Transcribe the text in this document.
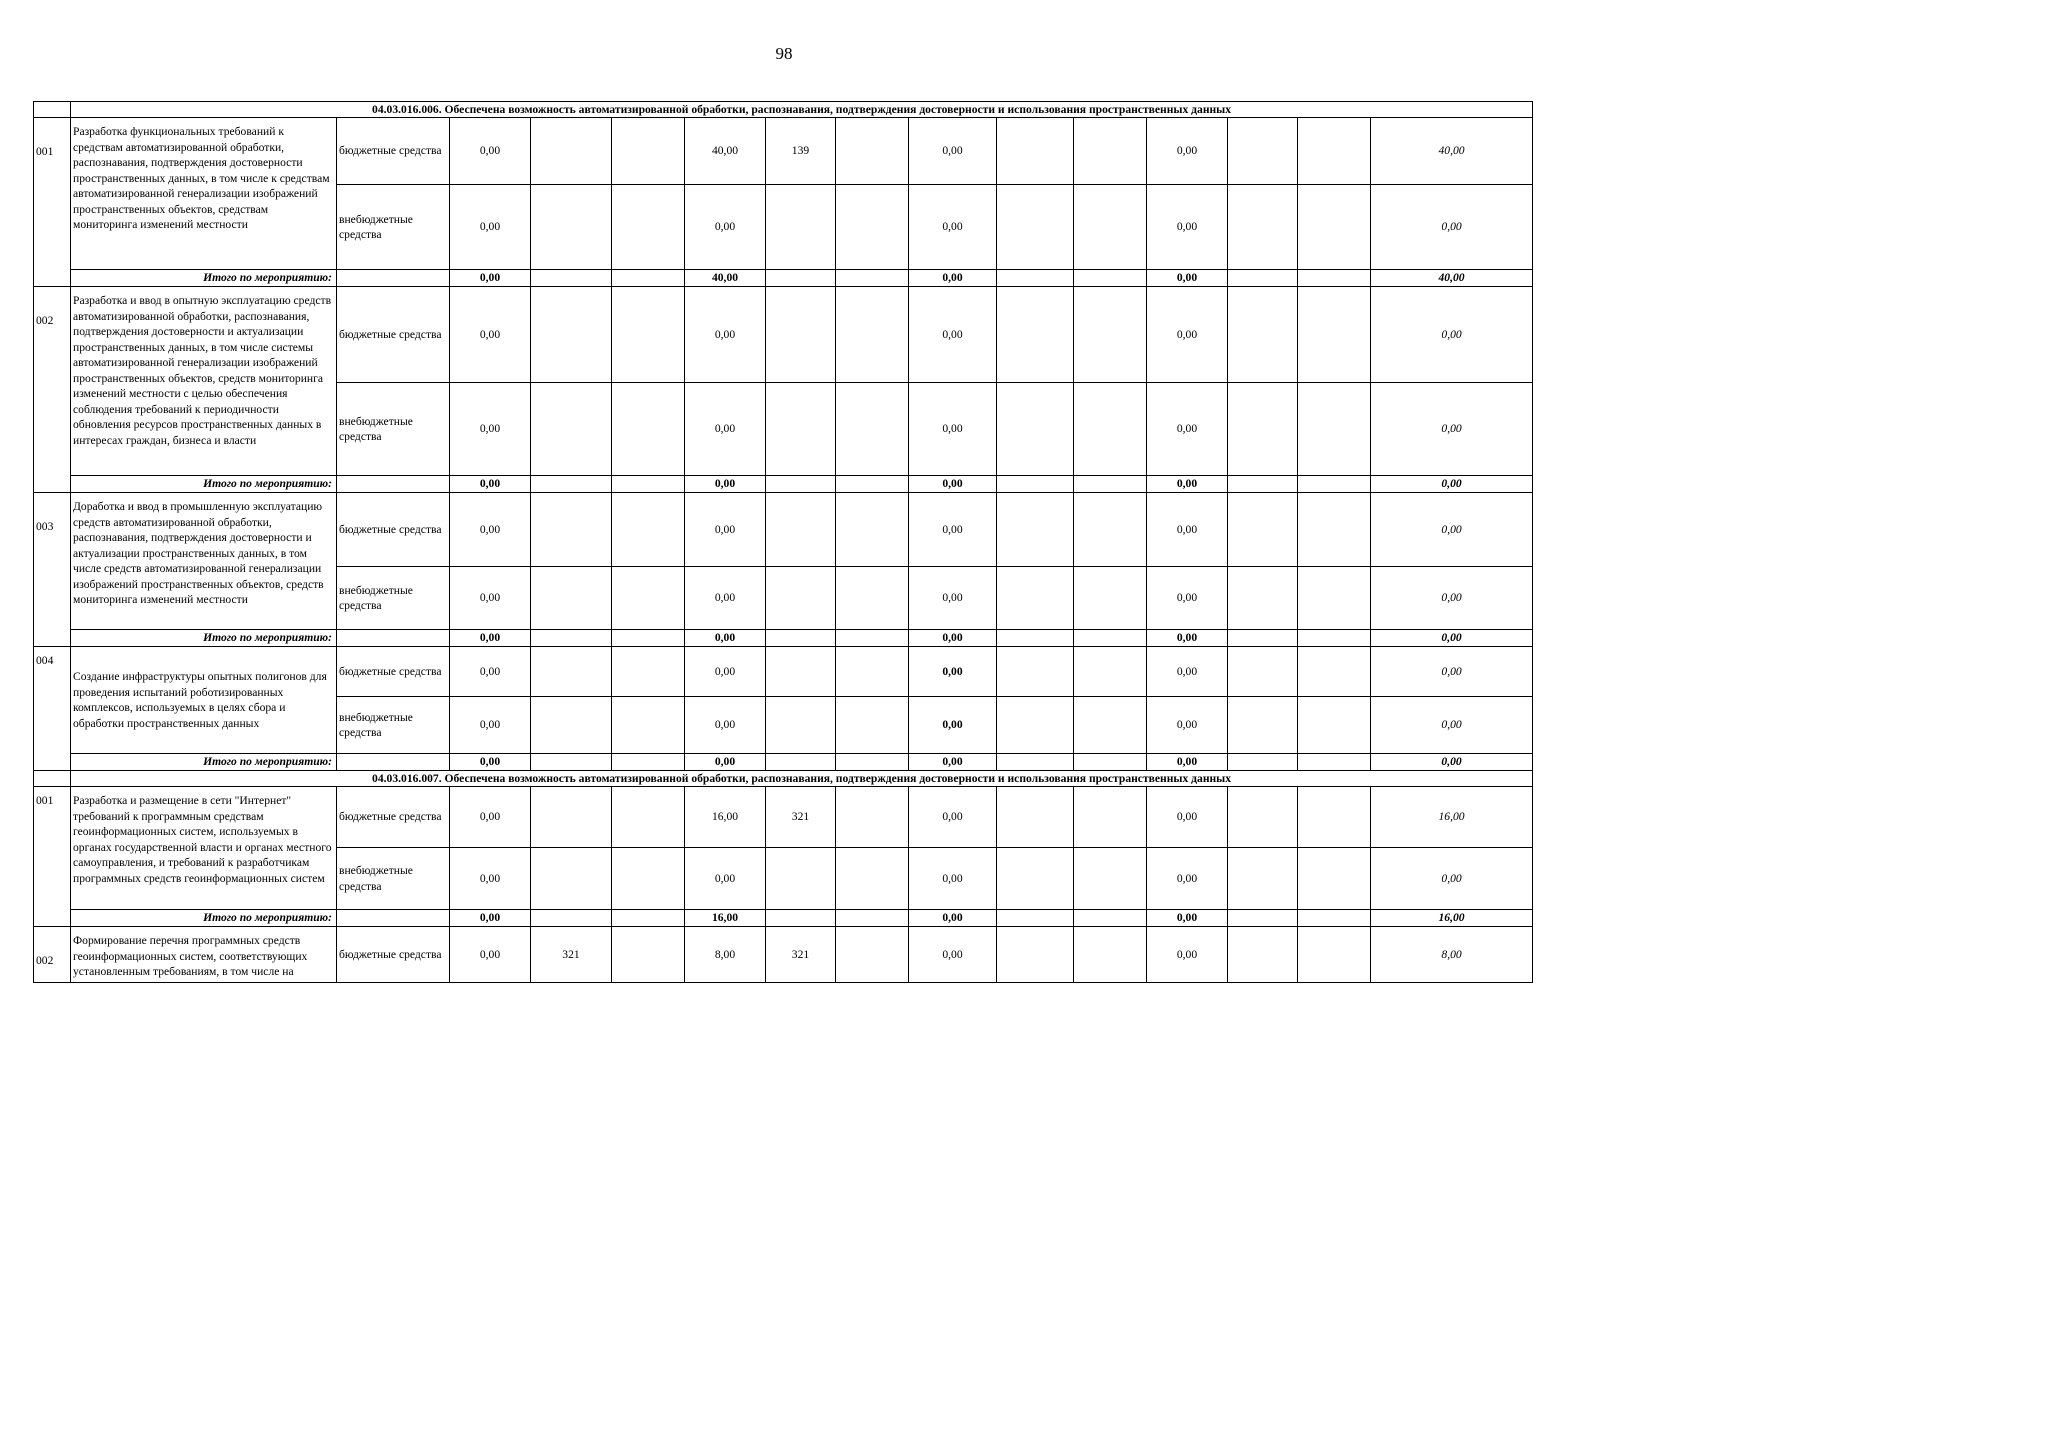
98
	04.03.016.006. Обеспечена возможность автоматизированной обработки, распознавания, подтверждения достоверности и использования пространственных данных														
001	Разработка функциональных требований к средствам автоматизированной обработки, распознавания, подтверждения достоверности пространственных данных, в том числе к средствам автоматизированной генерализации изображений пространственных объектов, средствам мониторинга изменений местности	бюджетные средства	0,00			40,00	139		0,00			0,00			40,00
		внебюджетные средства	0,00			0,00			0,00			0,00			0,00
	Итого по мероприятию:		0,00			40,00			0,00			0,00			40,00
002	Разработка и ввод в опытную эксплуатацию средств автоматизированной обработки, распознавания, подтверждения достоверности и актуализации пространственных данных, в том числе системы автоматизированной генерализации изображений пространственных объектов, средств мониторинга изменений местности с целью обеспечения соблюдения требований к периодичности обновления ресурсов пространственных данных в интересах граждан, бизнеса и власти	бюджетные средства	0,00			0,00			0,00			0,00			0,00
		внебюджетные средства	0,00			0,00			0,00			0,00			0,00
	Итого по мероприятию:		0,00			0,00			0,00			0,00			0,00
003	Доработка и ввод в промышленную эксплуатацию средств автоматизированной обработки, распознавания, подтверждения достоверности и актуализации пространственных данных, в том числе средств автоматизированной генерализации изображений пространственных объектов, средств мониторинга изменений местности	бюджетные средства	0,00			0,00			0,00			0,00			0,00
		внебюджетные средства	0,00			0,00			0,00			0,00			0,00
	Итого по мероприятию:		0,00			0,00			0,00			0,00			0,00
004	Создание инфраструктуры опытных полигонов для проведения испытаний роботизированных комплексов, используемых в целях сбора и обработки пространственных данных	бюджетные средства	0,00			0,00			0,00			0,00			0,00
		внебюджетные средства	0,00			0,00			0,00			0,00			0,00
	Итого по мероприятию:		0,00			0,00			0,00			0,00			0,00
	04.03.016.007. Обеспечена возможность автоматизированной обработки, распознавания, подтверждения достоверности и использования пространственных данных														
001	Разработка и размещение в сети "Интернет" требований к программным средствам геоинформационных систем, используемых в органах государственной власти и органах местного самоуправления, и требований к разработчикам программных средств геоинформационных систем	бюджетные средства	0,00			16,00	321		0,00			0,00			16,00
		внебюджетные средства	0,00			0,00			0,00			0,00			0,00
	Итого по мероприятию:		0,00			16,00			0,00			0,00			16,00
002	Формирование перечня программных средств геоинформационных систем, соответствующих установленным требованиям, в том числе на	бюджетные средства	0,00	321		8,00	321		0,00			0,00			8,00
